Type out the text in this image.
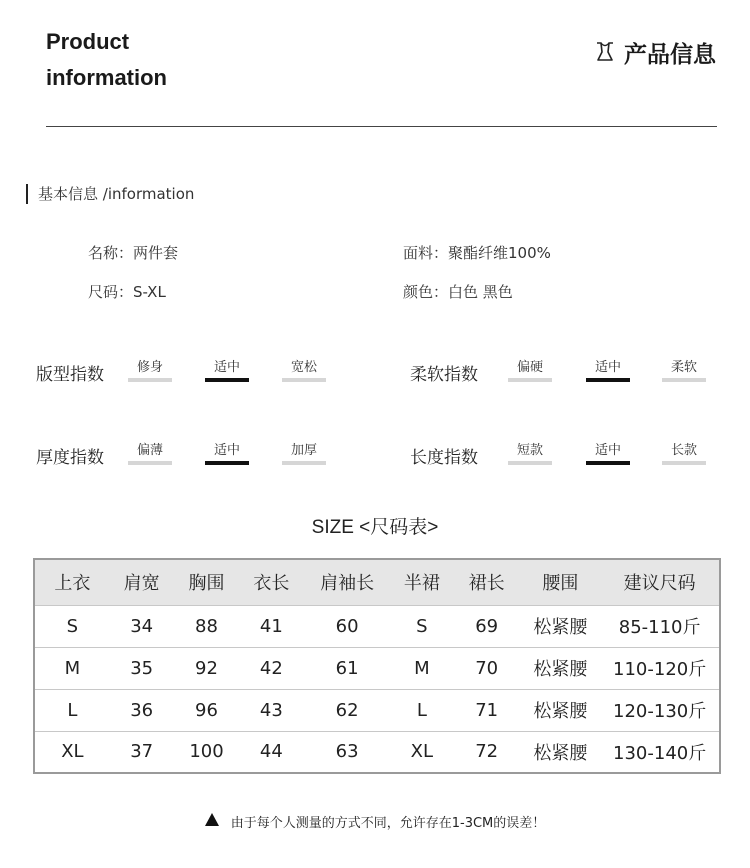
Product
information
产品信息
基本信息 /information
名称：两件套	面料：聚酯纤维100%
尺码：S-XL	颜色：白色 黑色
版型指数	修身	适中	宽松	柔软指数	偏硬	适中	柔软
厚度指数	偏薄	适中	加厚	长度指数	短款	适中	长款
SIZE <尺码表>
上衣	肩宽	胸围	衣长	肩袖长	半裙	裙长	腰围	建议尺码
S	34	88	41	60	S	69	松紧腰	85-110斤
M	35	92	42	61	M	70	松紧腰	110-120斤
L	36	96	43	62	L	71	松紧腰	120-130斤
XL	37	100	44	63	XL	72	松紧腰	130-140斤
由于每个人测量的方式不同，允许存在1-3CM的误差！
